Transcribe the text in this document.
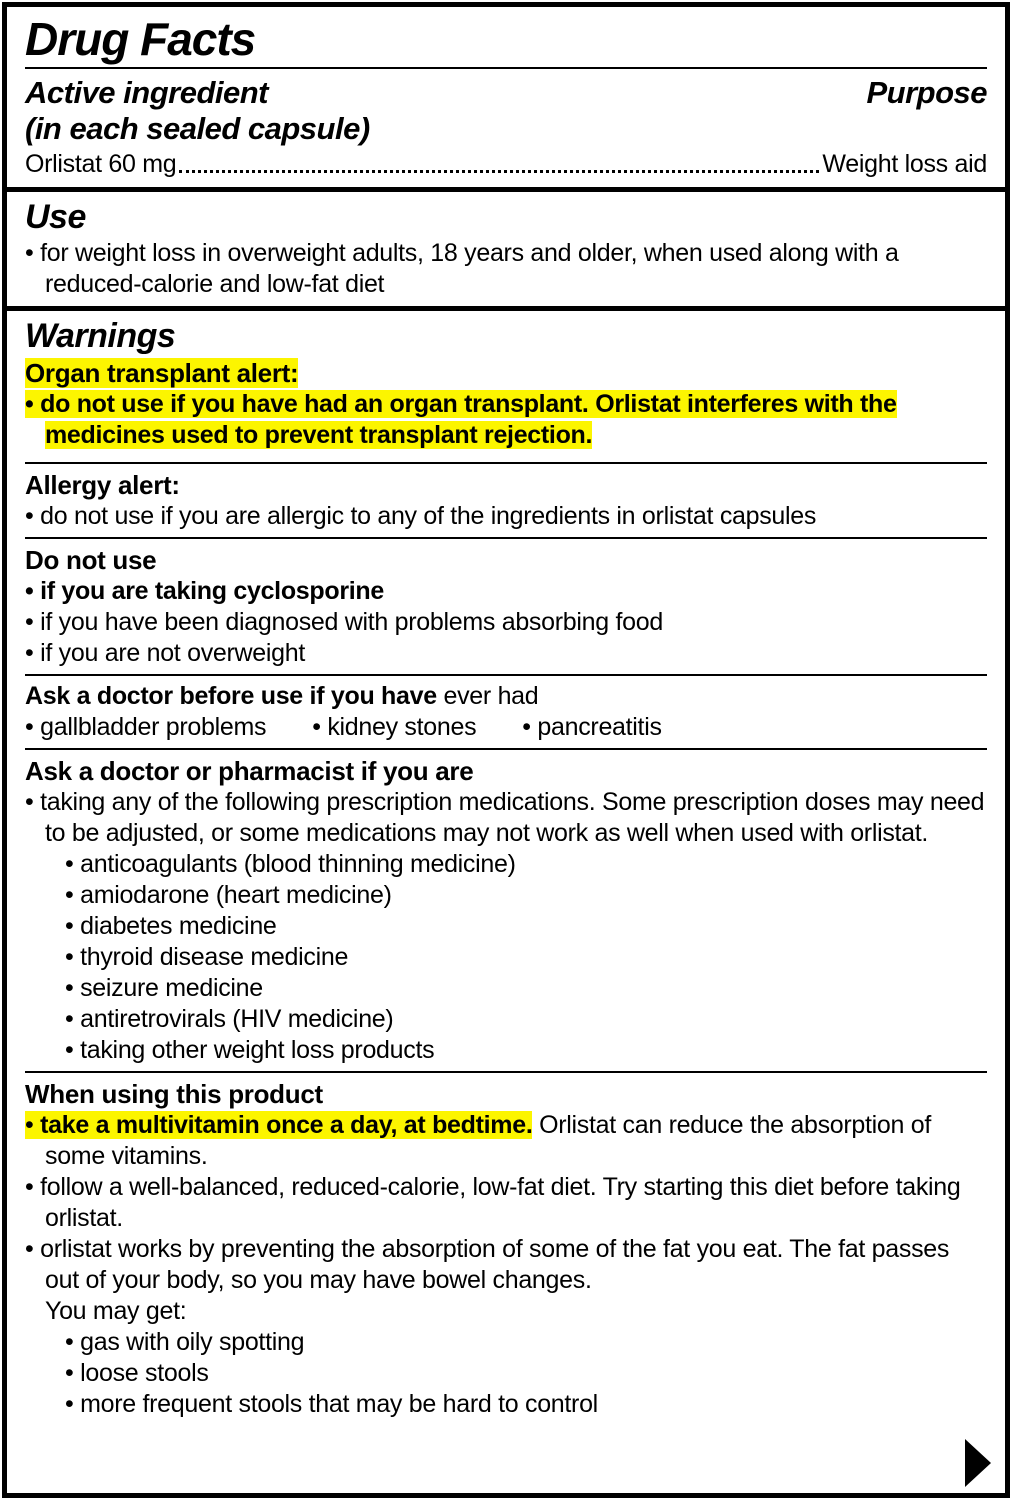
Drug Facts
Active ingredient
(in each sealed capsule)
Purpose
Orlistat 60 mg	Weight loss aid
Use
• for weight loss in overweight adults, 18 years and older, when used along with a reduced-calorie and low-fat diet
Warnings
Organ transplant alert:
• do not use if you have had an organ transplant. Orlistat interferes with the medicines used to prevent transplant rejection.
Allergy alert:
• do not use if you are allergic to any of the ingredients in orlistat capsules
Do not use
• if you are taking cyclosporine
• if you have been diagnosed with problems absorbing food
• if you are not overweight
Ask a doctor before use if you have ever had
• gallbladder problems	• kidney stones	• pancreatitis
Ask a doctor or pharmacist if you are
• taking any of the following prescription medications. Some prescription doses may need to be adjusted, or some medications may not work as well when used with orlistat.
• anticoagulants (blood thinning medicine)
• amiodarone (heart medicine)
• diabetes medicine
• thyroid disease medicine
• seizure medicine
• antiretrovirals (HIV medicine)
• taking other weight loss products
When using this product
• take a multivitamin once a day, at bedtime. Orlistat can reduce the absorption of some vitamins.
• follow a well-balanced, reduced-calorie, low-fat diet. Try starting this diet before taking orlistat.
• orlistat works by preventing the absorption of some of the fat you eat. The fat passes out of your body, so you may have bowel changes.
You may get:
• gas with oily spotting
• loose stools
• more frequent stools that may be hard to control
